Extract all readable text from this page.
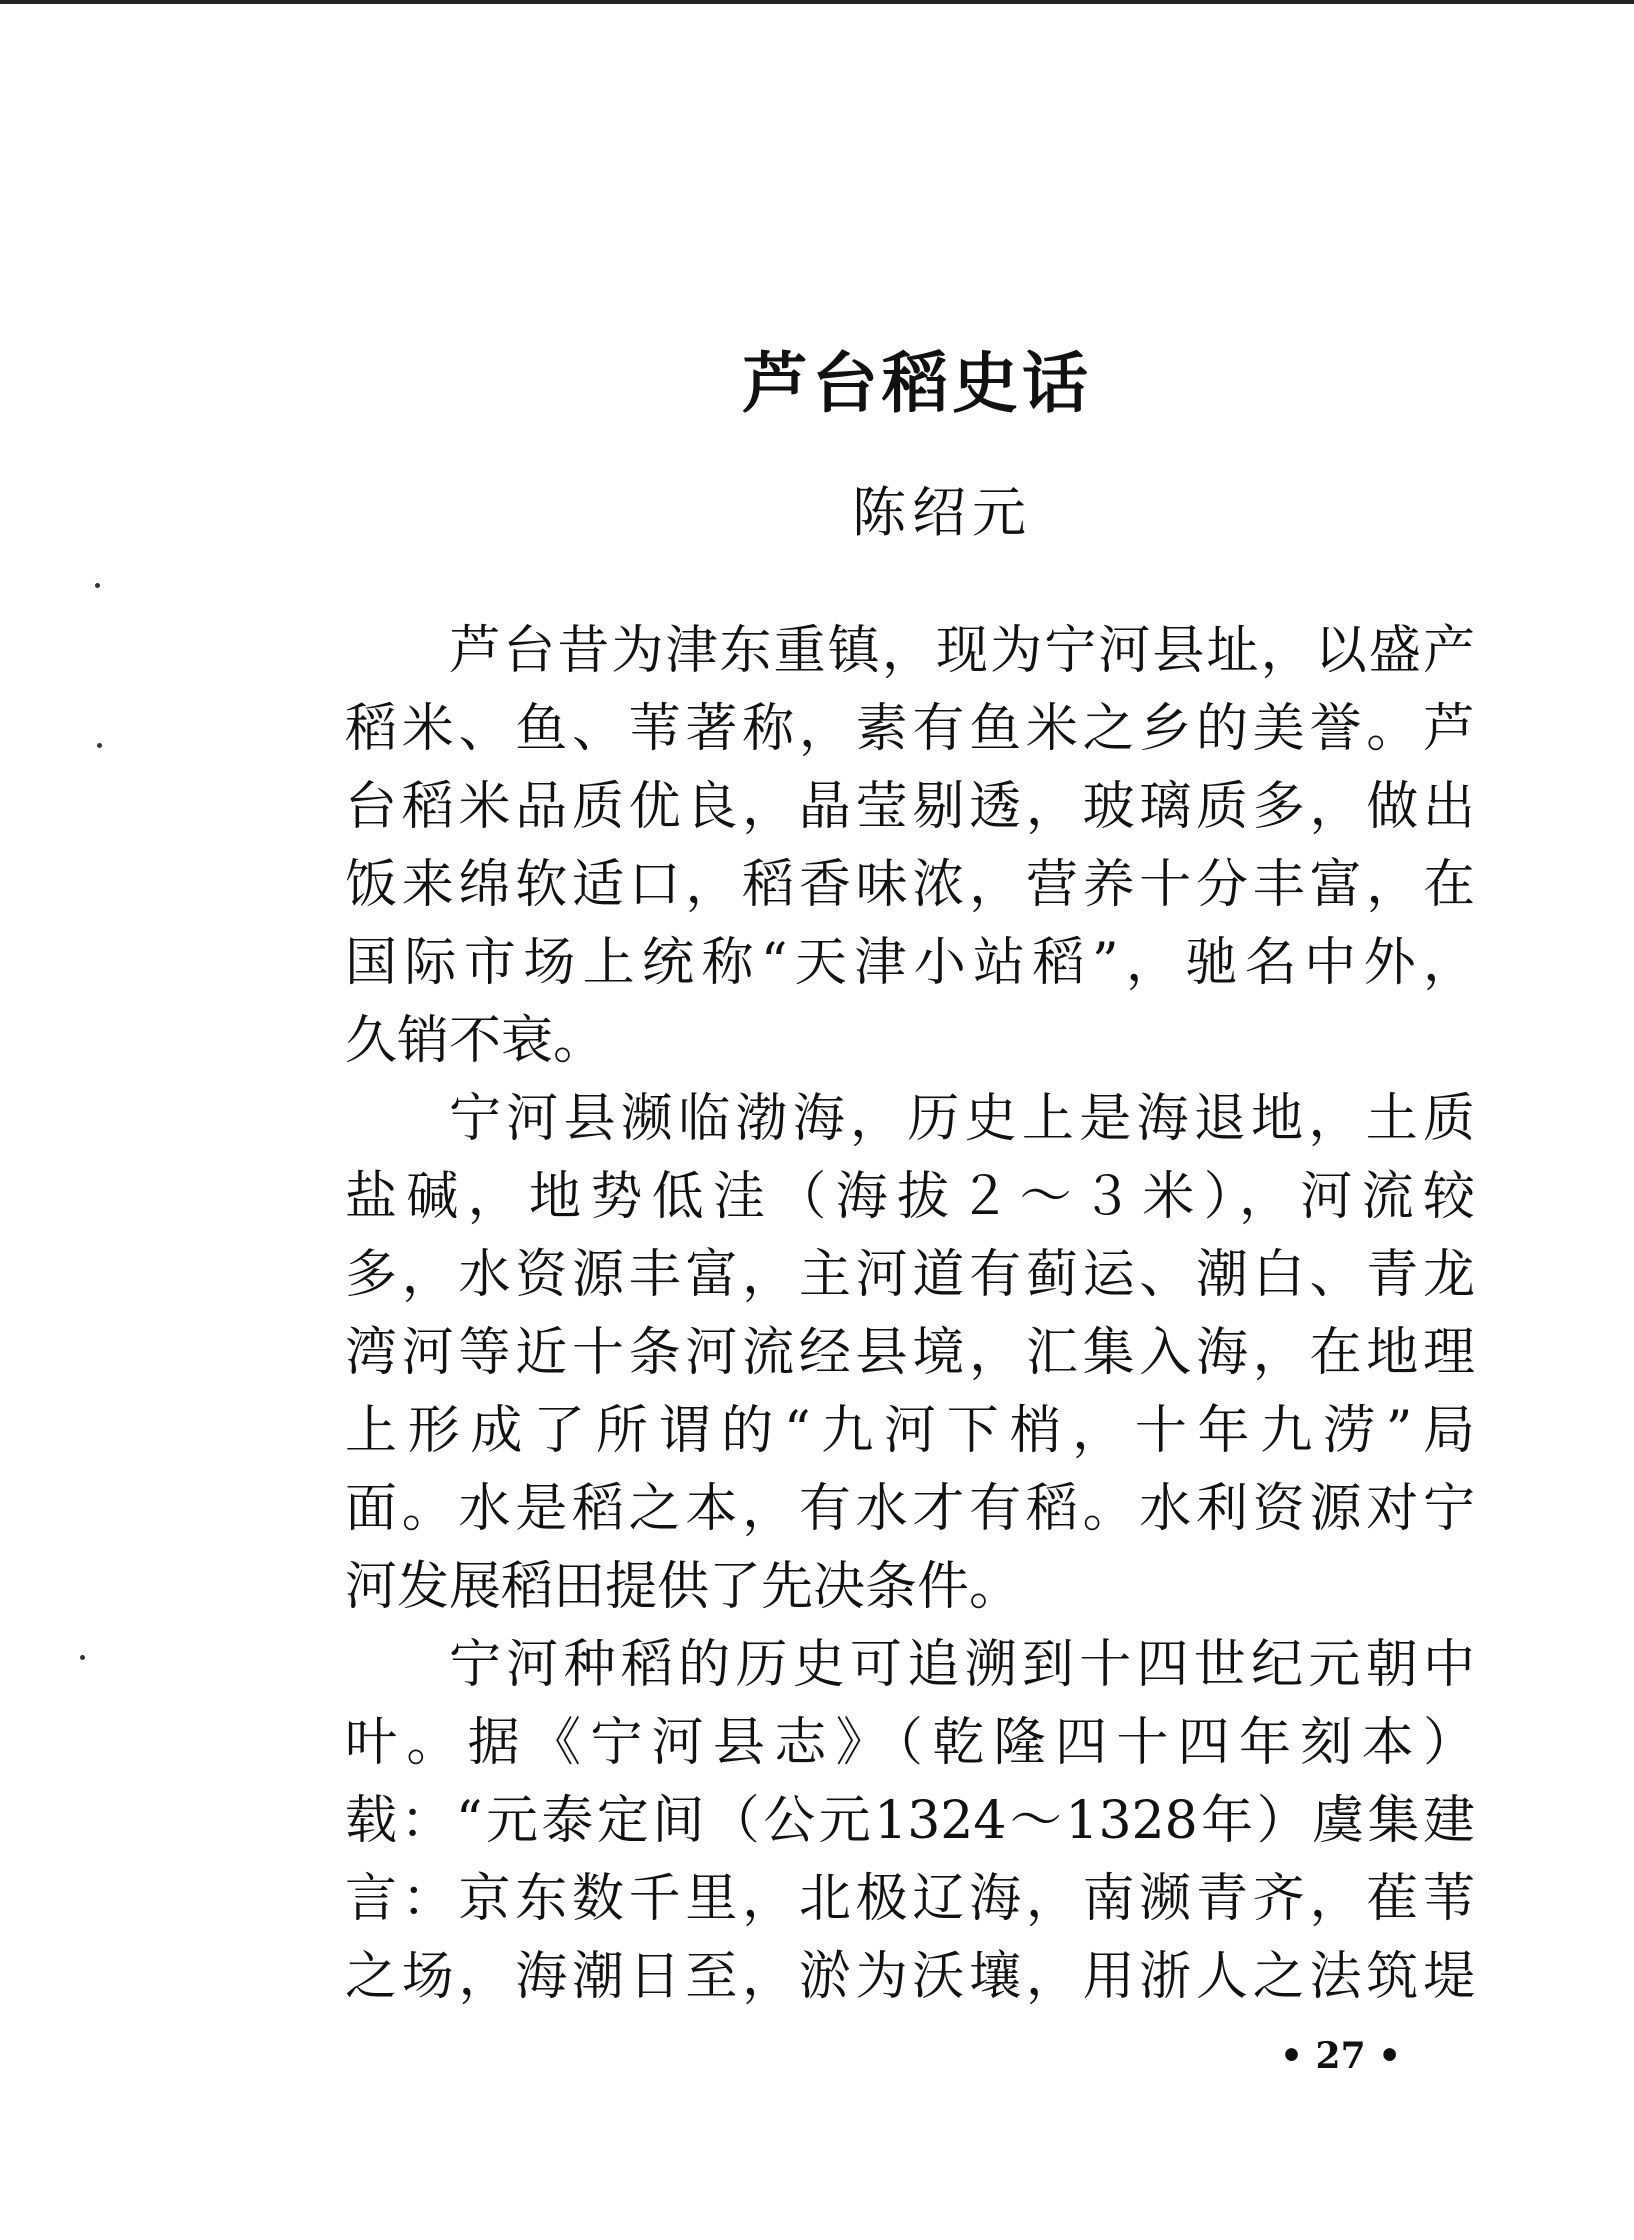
芦台稻史话
陈绍元
芦台昔为津东重镇，现为宁河县址，以盛产
稻米、鱼、苇著称，素有鱼米之乡的美誉。芦
台稻米品质优良，晶莹剔透，玻璃质多，做出
饭来绵软适口，稻香味浓，营养十分丰富，在
国际市场上统称“天津小站稻”，驰名中外，
久销不衰。
宁河县濒临渤海，历史上是海退地，土质
盐碱，地势低洼（海拔２～３米），河流较
多，水资源丰富，主河道有蓟运、潮白、青龙
湾河等近十条河流经县境，汇集入海，在地理
上形成了所谓的“九河下梢，十年九涝”局
面。水是稻之本，有水才有稻。水利资源对宁
河发展稻田提供了先决条件。
宁河种稻的历史可追溯到十四世纪元朝中
叶。据《宁河县志》（乾隆四十四年刻本）
载：“元泰定间（公元1324～1328年）虞集建
言：京东数千里，北极辽海，南濒青齐，萑苇
之场，海潮日至，淤为沃壤，用浙人之法筑堤
• 27 •
